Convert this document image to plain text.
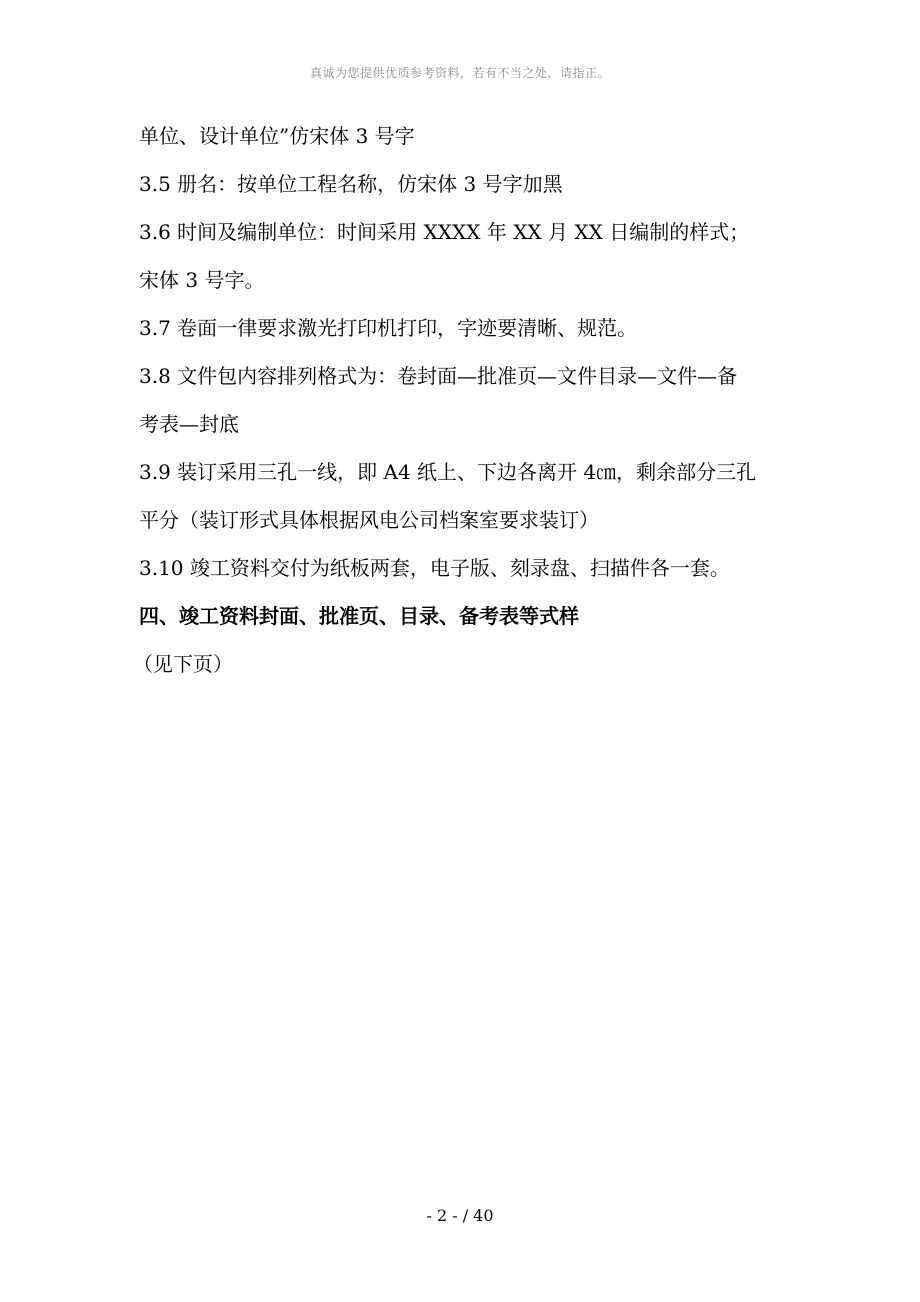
真诚为您提供优质参考资料，若有不当之处，请指正。
单位、设计单位”仿宋体 3 号字
3.5 册名：按单位工程名称，仿宋体 3 号字加黑
3.6 时间及编制单位：时间采用 XXXX 年 XX 月 XX 日编制的样式；
宋体 3 号字。
3.7 卷面一律要求激光打印机打印，字迹要清晰、规范。
3.8 文件包内容排列格式为：卷封面—批准页—文件目录—文件—备
考表—封底
3.9 装订采用三孔一线，即 A4 纸上、下边各离开 4㎝，剩余部分三孔
平分（装订形式具体根据风电公司档案室要求装订）
3.10 竣工资料交付为纸板两套，电子版、刻录盘、扫描件各一套。
四、竣工资料封面、批准页、目录、备考表等式样
（见下页）
- 2 - / 40
